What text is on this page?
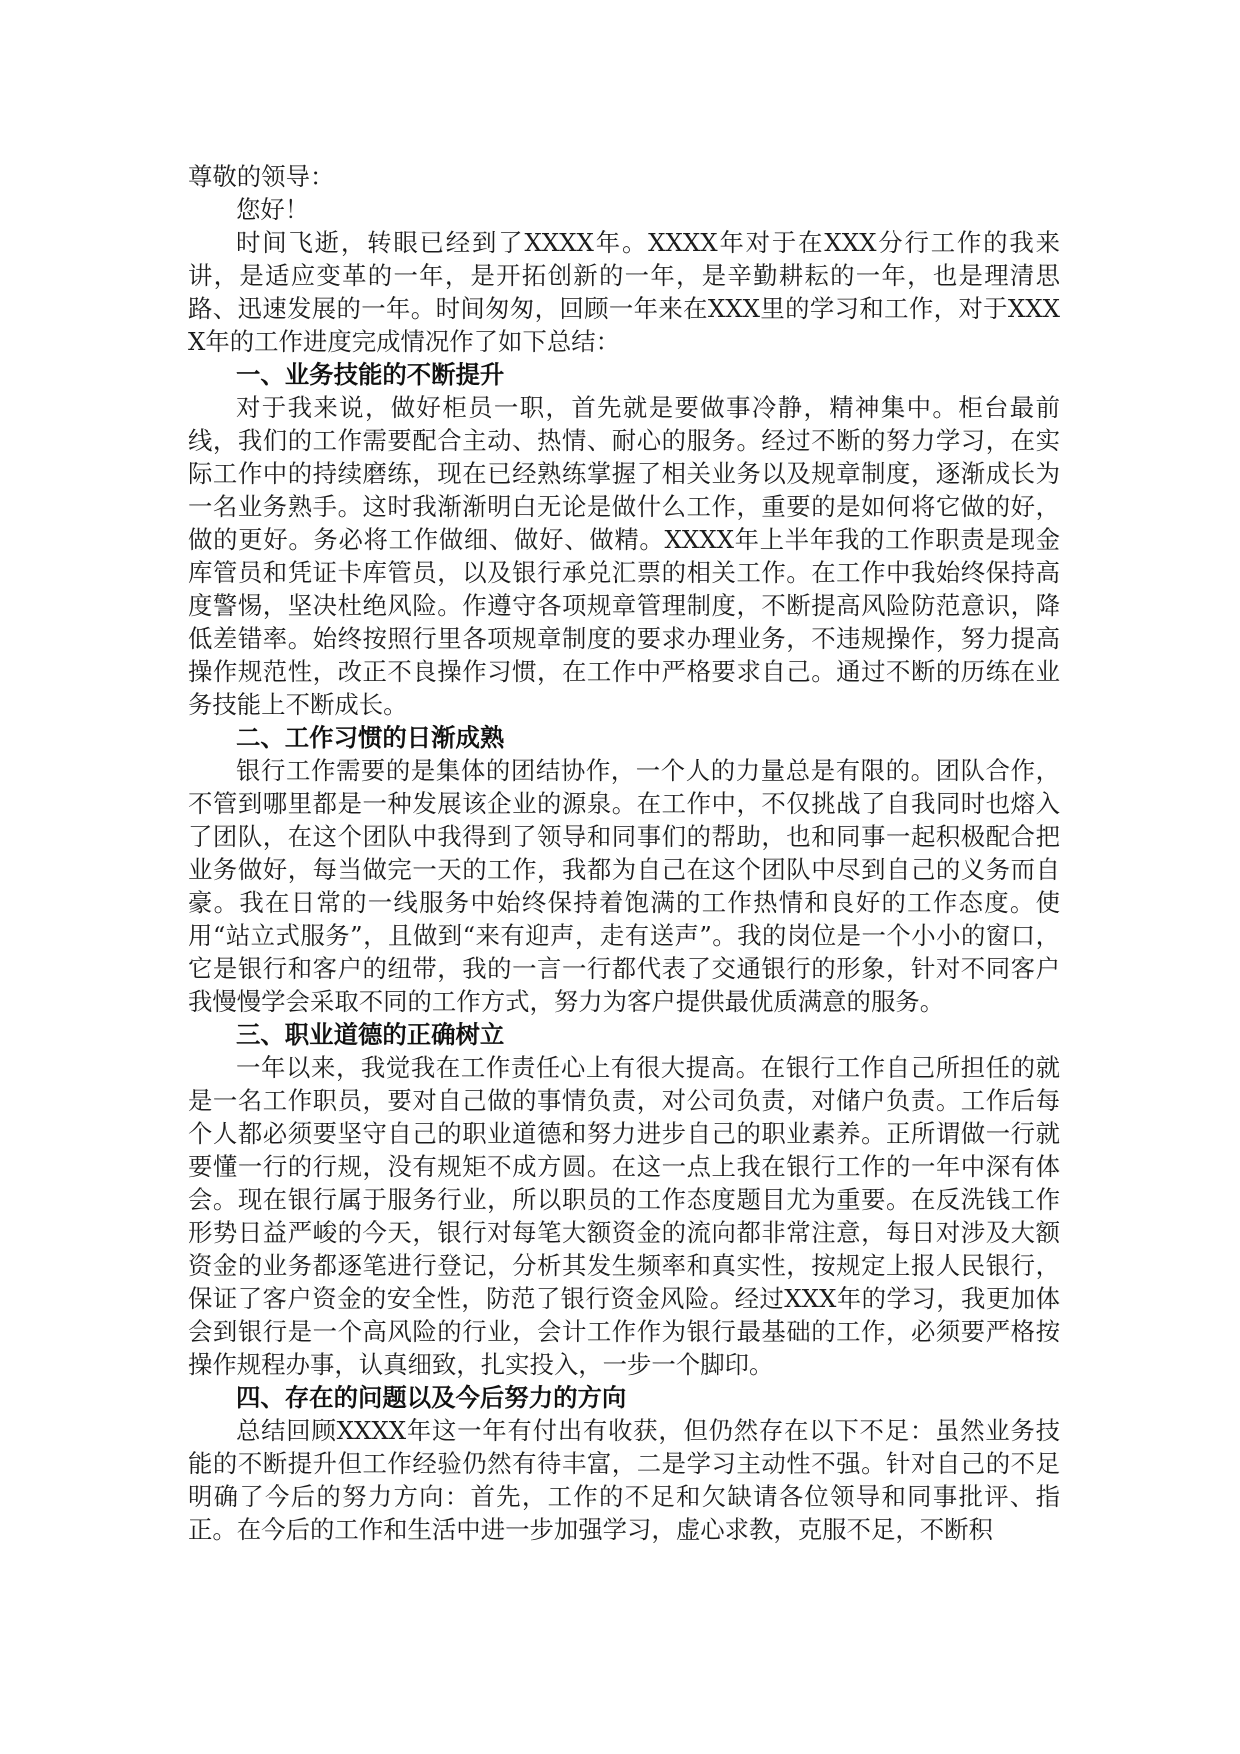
尊敬的领导：

您好！

时间飞逝，转眼已经到了XXXX年。XXXX年对于在XXX分行工作的我来讲，是适应变革的一年，是开拓创新的一年，是辛勤耕耘的一年，也是理清思路、迅速发展的一年。时间匆匆，回顾一年来在XXX里的学习和工作，对于XXXX年的工作进度完成情况作了如下总结：

一、业务技能的不断提升

对于我来说，做好柜员一职，首先就是要做事冷静，精神集中。柜台最前线，我们的工作需要配合主动、热情、耐心的服务。经过不断的努力学习，在实际工作中的持续磨练，现在已经熟练掌握了相关业务以及规章制度，逐渐成长为一名业务熟手。这时我渐渐明白无论是做什么工作，重要的是如何将它做的好，做的更好。务必将工作做细、做好、做精。XXXX年上半年我的工作职责是现金库管员和凭证卡库管员，以及银行承兑汇票的相关工作。在工作中我始终保持高度警惕，坚决杜绝风险。作遵守各项规章管理制度，不断提高风险防范意识，降低差错率。始终按照行里各项规章制度的要求办理业务，不违规操作，努力提高操作规范性，改正不良操作习惯，在工作中严格要求自己。通过不断的历练在业务技能上不断成长。

二、工作习惯的日渐成熟

银行工作需要的是集体的团结协作，一个人的力量总是有限的。团队合作，不管到哪里都是一种发展该企业的源泉。在工作中，不仅挑战了自我同时也熔入了团队，在这个团队中我得到了领导和同事们的帮助，也和同事一起积极配合把业务做好，每当做完一天的工作，我都为自己在这个团队中尽到自己的义务而自豪。我在日常的一线服务中始终保持着饱满的工作热情和良好的工作态度。使用“站立式服务”，且做到“来有迎声，走有送声”。我的岗位是一个小小的窗口，它是银行和客户的纽带，我的一言一行都代表了交通银行的形象，针对不同客户我慢慢学会采取不同的工作方式，努力为客户提供最优质满意的服务。

三、职业道德的正确树立

一年以来，我觉我在工作责任心上有很大提高。在银行工作自己所担任的就是一名工作职员，要对自己做的事情负责，对公司负责，对储户负责。工作后每个人都必须要坚守自己的职业道德和努力进步自己的职业素养。正所谓做一行就要懂一行的行规，没有规矩不成方圆。在这一点上我在银行工作的一年中深有体会。现在银行属于服务行业，所以职员的工作态度题目尤为重要。在反洗钱工作形势日益严峻的今天，银行对每笔大额资金的流向都非常注意，每日对涉及大额资金的业务都逐笔进行登记，分析其发生频率和真实性，按规定上报人民银行，保证了客户资金的安全性，防范了银行资金风险。经过XXX年的学习，我更加体会到银行是一个高风险的行业，会计工作作为银行最基础的工作，必须要严格按操作规程办事，认真细致，扎实投入，一步一个脚印。

四、存在的问题以及今后努力的方向

总结回顾XXXX年这一年有付出有收获，但仍然存在以下不足：虽然业务技能的不断提升但工作经验仍然有待丰富，二是学习主动性不强。针对自己的不足明确了今后的努力方向：首先，工作的不足和欠缺请各位领导和同事批评、指正。在今后的工作和生活中进一步加强学习，虚心求教，克服不足，不断积
